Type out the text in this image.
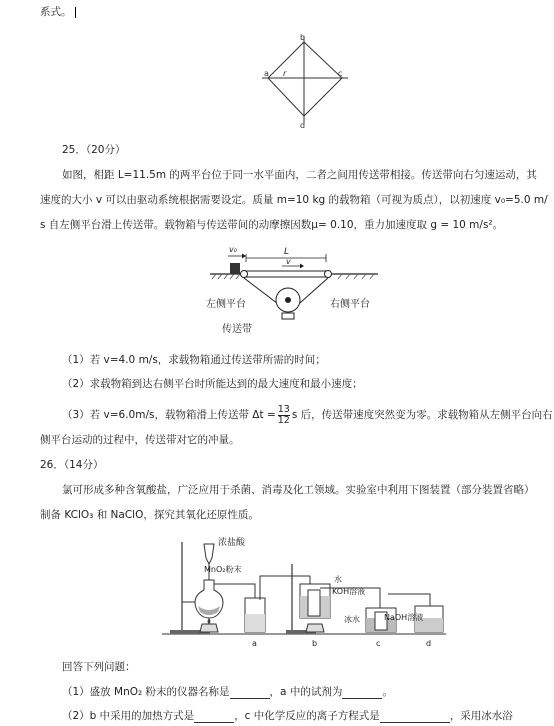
系式。
b
a	c
d
r
25．（20分）
如图，相距 L=11.5m 的两平台位于同一水平面内，二者之间用传送带相接。传送带向右匀速运动，其
速度的大小 v 可以由驱动系统根据需要设定。质量 m=10 kg 的载物箱（可视为质点），以初速度 v₀=5.0 m/
s 自左侧平台滑上传送带。载物箱与传送带间的动摩擦因数μ= 0.10，重力加速度取 g = 10 m/s²。
L
v₀
v
左侧平台	右侧平台
传送带
（1）若 v=4.0 m/s，求载物箱通过传送带所需的时间；
（2）求载物箱到达右侧平台时所能达到的最大速度和最小速度；
（3）若 v=6.0m/s，载物箱滑上传送带 $\Delta t = \frac{13}{12}$ s 后，传送带速度突然变为零。求载物箱从左侧平台向右
侧平台运动的过程中，传送带对它的冲量。
26．（14分）
氯可形成多种含氧酸盐，广泛应用于杀菌、消毒及化工领域。实验室中利用下图装置（部分装置省略）
制备 KClO₃ 和 NaClO，探究其氧化还原性质。
浓盐酸
MnO₂粉末
水
KOH溶液
冰水	NaOH溶液
a	b	c	d
回答下列问题：
（1）盛放 MnO₂ 粉末的仪器名称是	，a 中的试剂为	。
（2）b 中采用的加热方式是	，c 中化学反应的离子方程式是	，采用冰水浴
